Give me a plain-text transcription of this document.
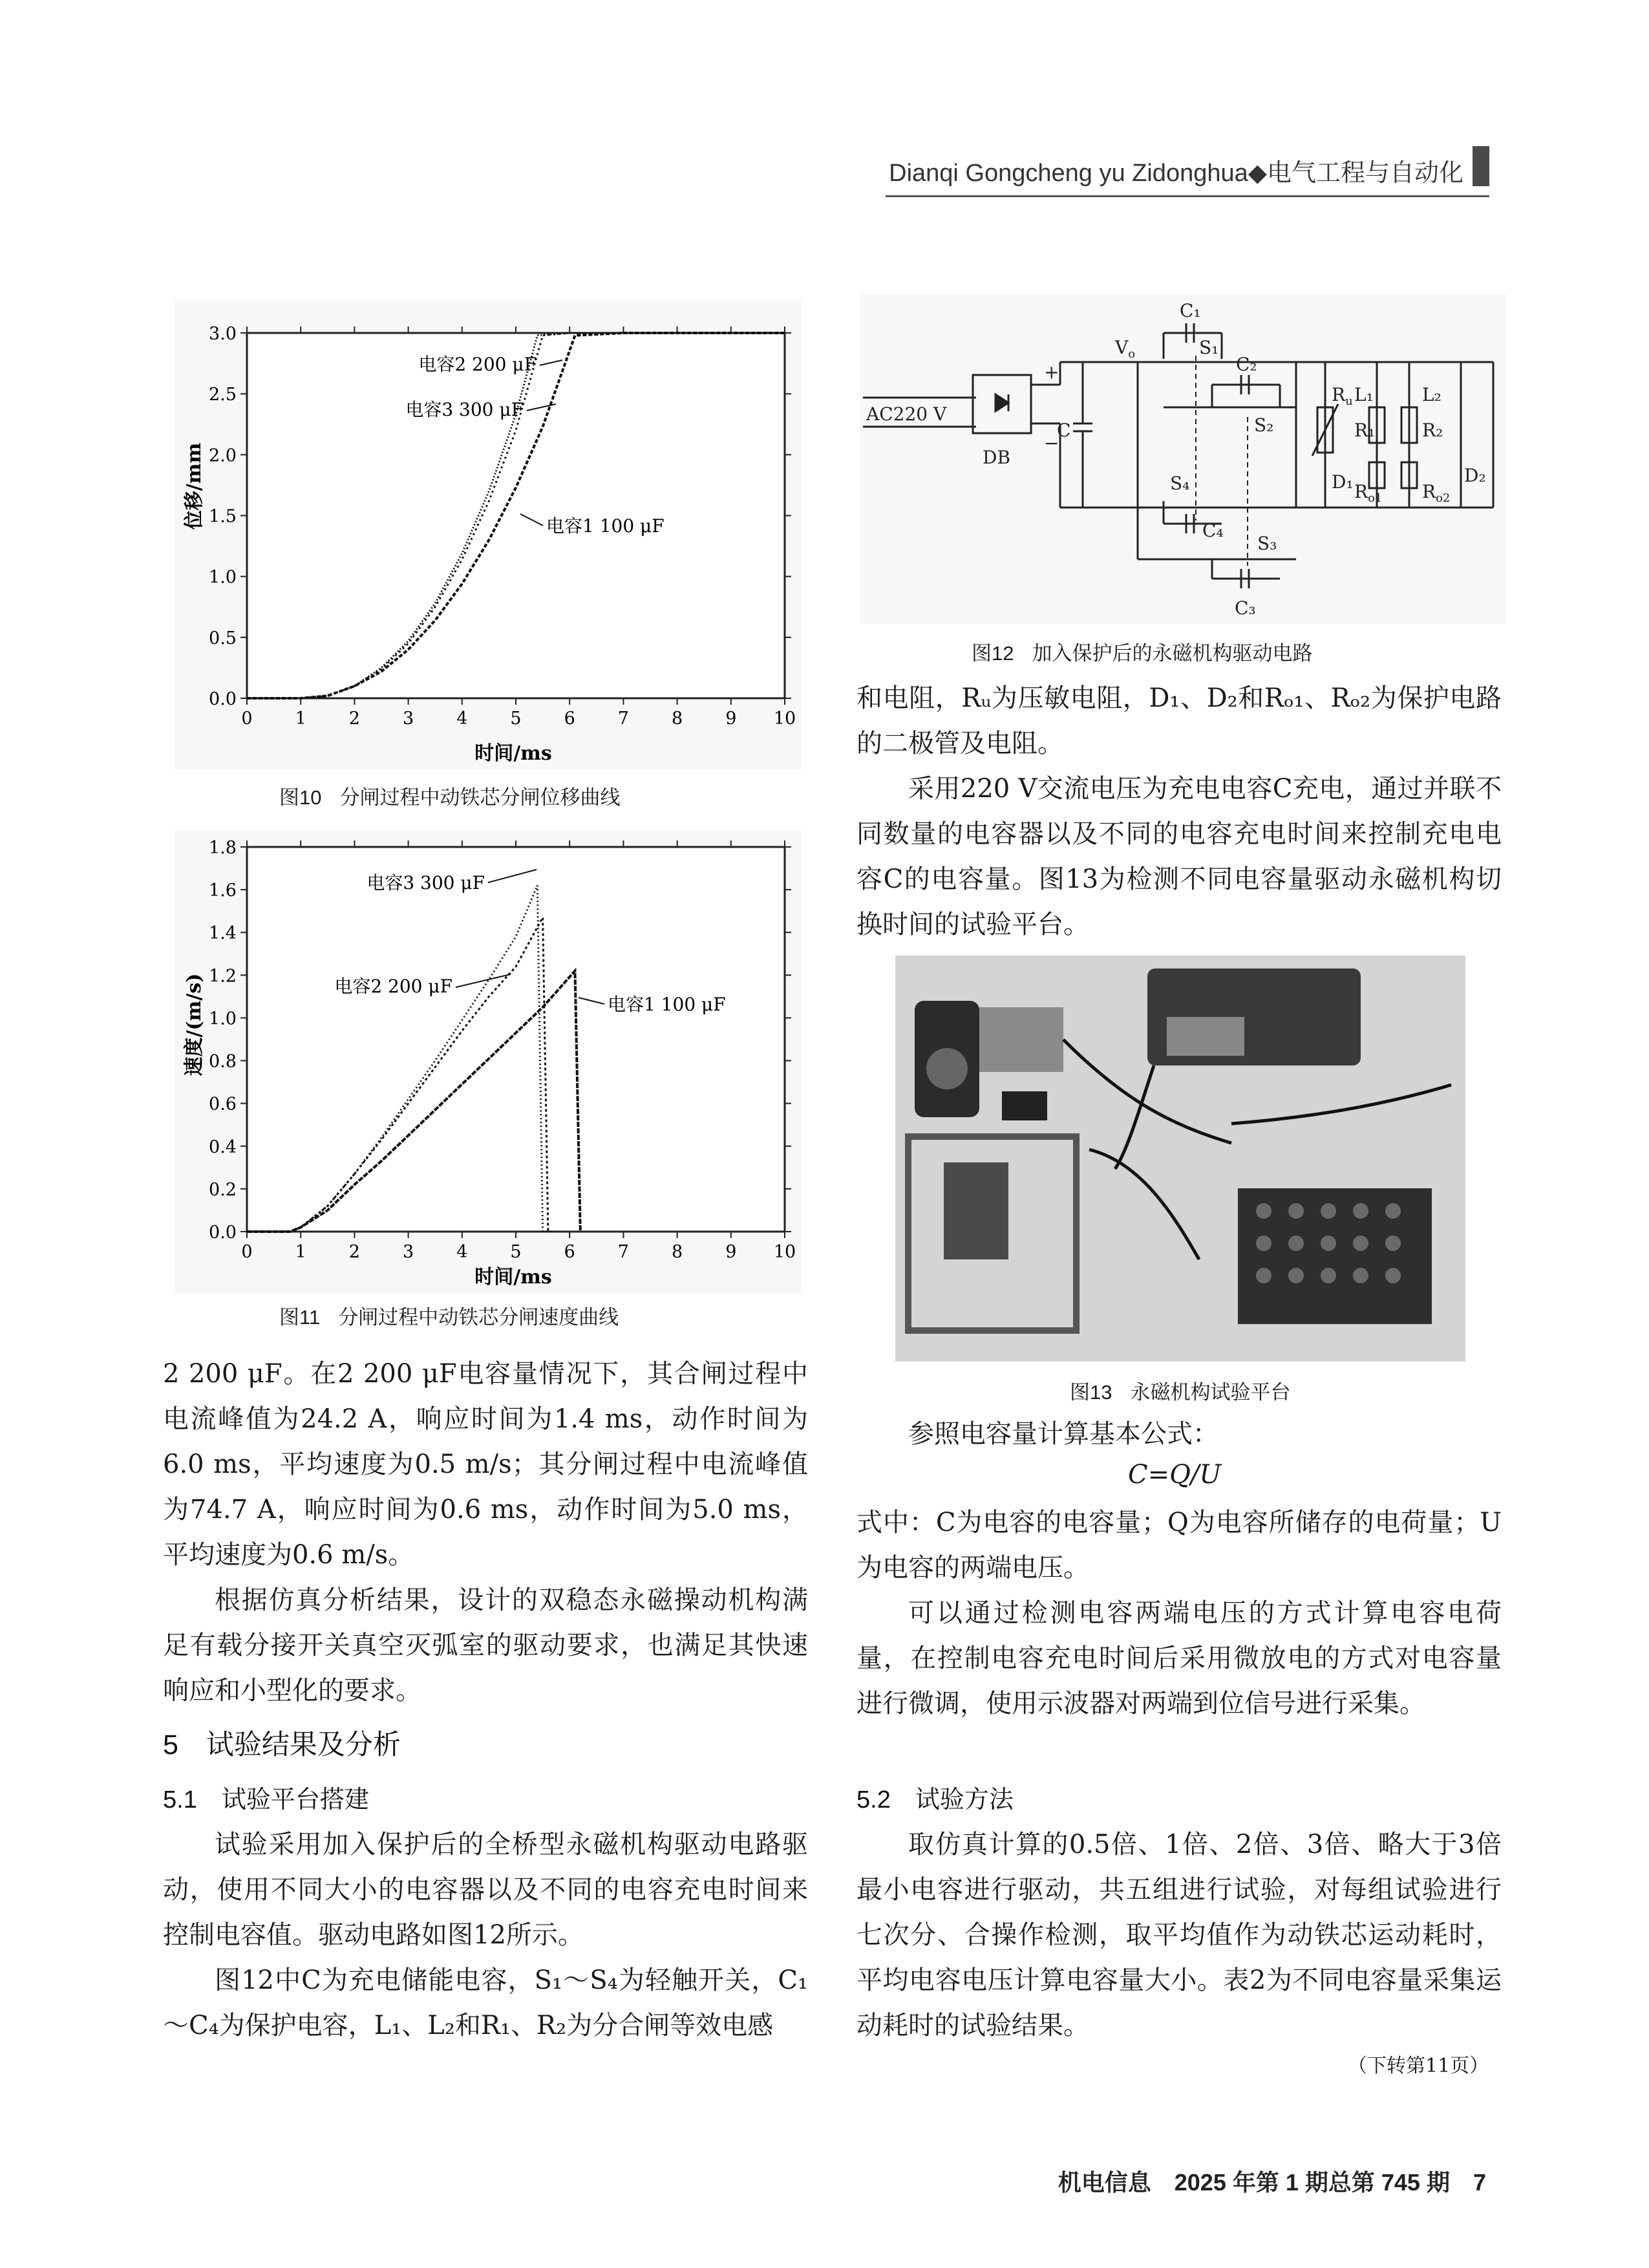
Dianqi Gongcheng yu Zidonghua◆电气工程与自动化
0 1 2 3 4 5 6 7 8 9 10
0.0
0.5
1.0
1.5
2.0
2.5
3.0
电容2 200 μF
电容3 300 μF
电容1 100 μF
位移/mm
时间/ms
图10 分闸过程中动铁芯分闸位移曲线
0 1 2 3 4 5 6 7 8 9 10
0.0
0.2
0.4
0.6
0.8
1.0
1.2
1.4
1.6
1.8
电容3 300 μF
电容2 200 μF
电容1 100 μF
速度/(m/s)
时间/ms
图11 分闸过程中动铁芯分闸速度曲线

2 200 μF。在2 200 μF电容量情况下，其合闸过程中电流峰值为24.2 A，响应时间为1.4 ms，动作时间为6.0 ms，平均速度为0.5 m/s；其分闸过程中电流峰值为74.7 A，响应时间为0.6 ms，动作时间为5.0 ms，平均速度为0.6 m/s。

根据仿真分析结果，设计的双稳态永磁操动机构满足有载分接开关真空灭弧室的驱动要求，也满足其快速响应和小型化的要求。

5　试验结果及分析
5.1　试验平台搭建

试验采用加入保护后的全桥型永磁机构驱动电路驱动，使用不同大小的电容器以及不同的电容充电时间来控制电容值。驱动电路如图12所示。

图12中C为充电储能电容，S₁～S₄为轻触开关，C₁～C₄为保护电容，L₁、L₂和R₁、R₂为分合闸等效电感

AC220 V
DB
+
−
$V_o$
C
C₁
S₁
C₂
S₂
S₄
C₄
S₃
C₃
$R_u$ L₁	L₂
R₁	R₂
D₁	D₂
$R_{o1}$ $R_{o2}$
图12 加入保护后的永磁机构驱动电路

和电阻，Rᵤ为压敏电阻，D₁、D₂和Rₒ₁、Rₒ₂为保护电路的二极管及电阻。

采用220 V交流电压为充电电容C充电，通过并联不同数量的电容器以及不同的电容充电时间来控制充电电容C的电容量。图13为检测不同电容量驱动永磁机构切换时间的试验平台。

图13 永磁机构试验平台

参照电容量计算基本公式：

C=Q/U

式中：C为电容的电容量；Q为电容所储存的电荷量；U为电容的两端电压。

可以通过检测电容两端电压的方式计算电容电荷量，在控制电容充电时间后采用微放电的方式对电容量进行微调，使用示波器对两端到位信号进行采集。

5.2　试验方法

取仿真计算的0.5倍、1倍、2倍、3倍、略大于3倍最小电容进行驱动，共五组进行试验，对每组试验进行七次分、合操作检测，取平均值作为动铁芯运动耗时，平均电容电压计算电容量大小。表2为不同电容量采集运动耗时的试验结果。

（下转第11页）
机电信息　 2025 年第 1 期总第 745 期　 7
